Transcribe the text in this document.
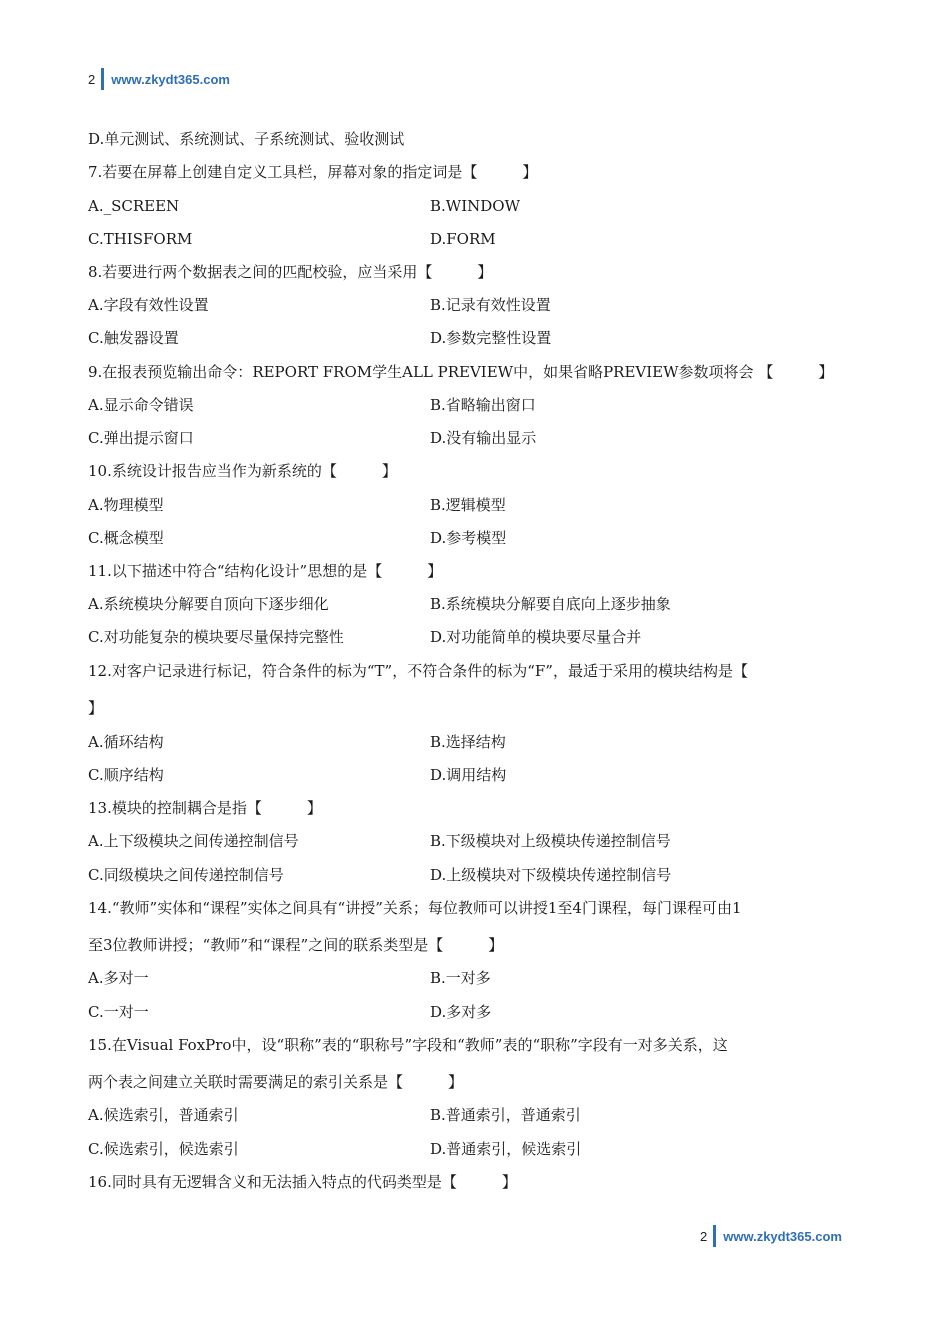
2 www.zkydt365.com
D.单元测试、系统测试、子系统测试、验收测试
7.若要在屏幕上创建自定义工具栏，屏幕对象的指定词是【　　　】
A._SCREEN	B.WINDOW
C.THISFORM	D.FORM
8.若要进行两个数据表之间的匹配校验，应当采用【　　　】
A.字段有效性设置	B.记录有效性设置
C.触发器设置	D.参数完整性设置
9.在报表预览输出命令：REPORT FROM学生ALL PREVIEW中，如果省略PREVIEW参数项将会 【　　　】
A.显示命令错误	B.省略输出窗口
C.弹出提示窗口	D.没有输出显示
10.系统设计报告应当作为新系统的【　　　】
A.物理模型	B.逻辑模型
C.概念模型	D.参考模型
11.以下描述中符合“结构化设计”思想的是【　　　】
A.系统模块分解要自顶向下逐步细化	B.系统模块分解要自底向上逐步抽象
C.对功能复杂的模块要尽量保持完整性	D.对功能简单的模块要尽量合并
12.对客户记录进行标记，符合条件的标为“T”，不符合条件的标为“F”，最适于采用的模块结构是【
】
A.循环结构	B.选择结构
C.顺序结构	D.调用结构
13.模块的控制耦合是指【　　　】
A.上下级模块之间传递控制信号	B.下级模块对上级模块传递控制信号
C.同级模块之间传递控制信号	D.上级模块对下级模块传递控制信号
14.“教师”实体和“课程”实体之间具有“讲授”关系；每位教师可以讲授1至4门课程，每门课程可由1
至3位教师讲授；“教师”和“课程”之间的联系类型是【　　　】
A.多对一	B.一对多
C.一对一	D.多对多
15.在Visual FoxPro中，设“职称”表的“职称号”字段和“教师”表的“职称”字段有一对多关系，这
两个表之间建立关联时需要满足的索引关系是【　　　】
A.候选索引，普通索引	B.普通索引，普通索引
C.候选索引，候选索引	D.普通索引，候选索引
16.同时具有无逻辑含义和无法插入特点的代码类型是【　　　】
2 www.zkydt365.com
